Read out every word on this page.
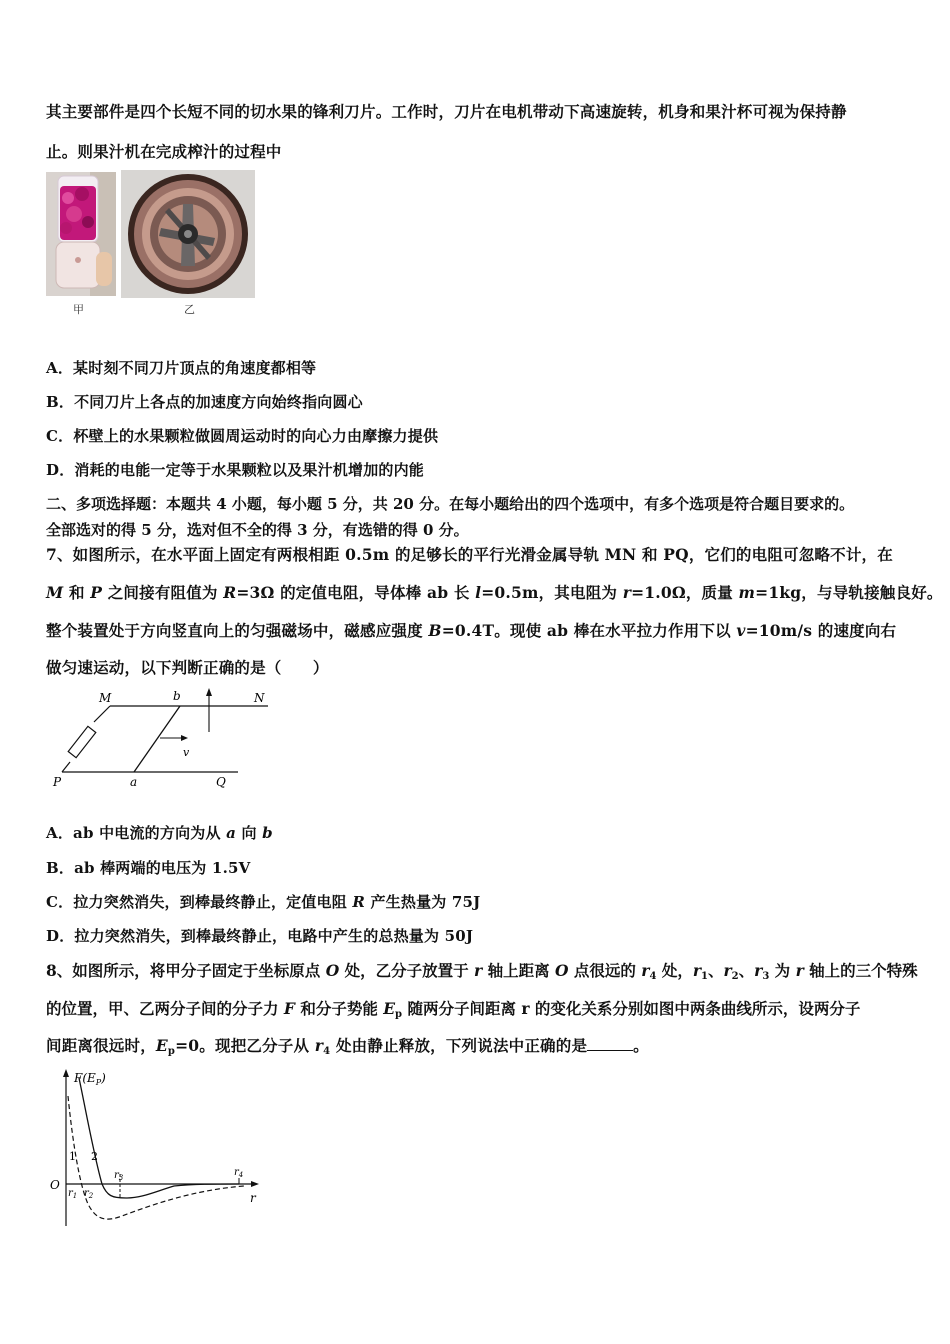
其主要部件是四个长短不同的切水果的锋利刀片。工作时，刀片在电机带动下高速旋转，机身和果汁杯可视为保持静
止。则果汁机在完成榨汁的过程中
甲	乙
A．某时刻不同刀片顶点的角速度都相等
B．不同刀片上各点的加速度方向始终指向圆心
C．杯壁上的水果颗粒做圆周运动时的向心力由摩擦力提供
D．消耗的电能一定等于水果颗粒以及果汁机增加的内能
二、多项选择题：本题共 4 小题，每小题 5 分，共 20 分。在每小题给出的四个选项中，有多个选项是符合题目要求的。
全部选对的得 5 分，选对但不全的得 3 分，有选错的得 0 分。
7、如图所示，在水平面上固定有两根相距 0.5m 的足够长的平行光滑金属导轨 MN 和 PQ，它们的电阻可忽略不计，在
M 和 P 之间接有阻值为 R=3Ω 的定值电阻，导体棒 ab 长 l=0.5m，其电阻为 r=1.0Ω，质量 m=1kg，与导轨接触良好。
整个装置处于方向竖直向上的匀强磁场中，磁感应强度 B=0.4T。现使 ab 棒在水平拉力作用下以 v=10m/s 的速度向右
做匀速运动，以下判断正确的是（　　）
M	b	N
v
P	a	Q
A．ab 中电流的方向为从 a 向 b
B．ab 棒两端的电压为 1.5V
C．拉力突然消失，到棒最终静止，定值电阻 R 产生热量为 75J
D．拉力突然消失，到棒最终静止，电路中产生的总热量为 50J
8、如图所示，将甲分子固定于坐标原点 O 处，乙分子放置于 r 轴上距离 O 点很远的 $r_4$ 处，$r_1$、$r_2$、$r_3$ 为 r 轴上的三个特殊
的位置，甲、乙两分子间的分子力 F 和分子势能 $E_p$ 随两分子间距离 r 的变化关系分别如图中两条曲线所示，设两分子
间距离很远时，$E_p=0$。现把乙分子从 $r_4$ 处由静止释放，下列说法中正确的是	。
$F(E_P)$
O
r
1 2
$r_1$ $r_2$
$r_3$	$r_4$
